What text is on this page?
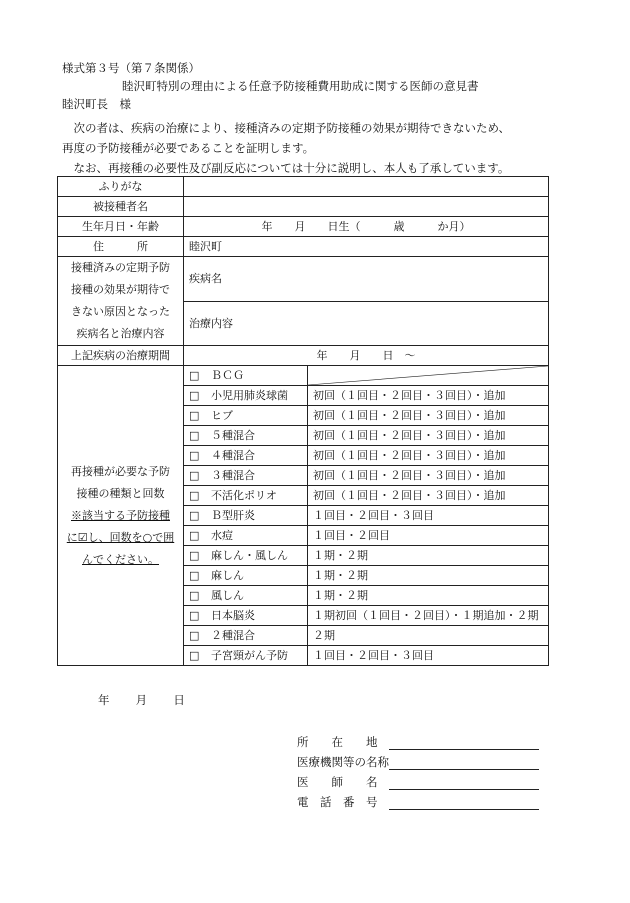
様式第３号（第７条関係）
睦沢町特別の理由による任意予防接種費用助成に関する医師の意見書
睦沢町長　様

次の者は、疾病の治療により、接種済みの定期予防接種の効果が期待できないため、

再度の予防接種が必要であることを証明します。

なお、再接種の必要性及び副反応については十分に説明し、本人も了承しています。

ふりがな		
被接種者名		
生年月日・年齢	年　　月　　日生（　　　歳　　　か月）	
住　　　所	睦沢町	

接種済みの定期予防
接種の効果が期待で
きない原因となった
疾病名と治療内容	疾病名	
	治療内容	
上記疾病の治療期間	年　　月　　日　～	

再接種が必要な予防
接種の種類と回数
※該当する予防接種
に☑し、回数を○で囲
んでください。	□ ＢＣＧ	

	□ 小児用肺炎球菌	初回（１回目・２回目・３回目）・追加
	□ ヒブ	初回（１回目・２回目・３回目）・追加
	□ ５種混合	初回（１回目・２回目・３回目）・追加
	□ ４種混合	初回（１回目・２回目・３回目）・追加
	□ ３種混合	初回（１回目・２回目・３回目）・追加
	□ 不活化ポリオ	初回（１回目・２回目・３回目）・追加
	□ Ｂ型肝炎	１回目・２回目・３回目
	□ 水痘	１回目・２回目
	□ 麻しん・風しん	１期・２期
	□ 麻しん	１期・２期
	□ 風しん	１期・２期
	□ 日本脳炎	１期初回（１回目・２回目）・１期追加・２期
	□ ２種混合	２期
	□ 子宮頸がん予防	１回目・２回目・３回目
年 月 日
所　　在　　地
医療機関等の名称
医　　師　　名
電　話　番　号
